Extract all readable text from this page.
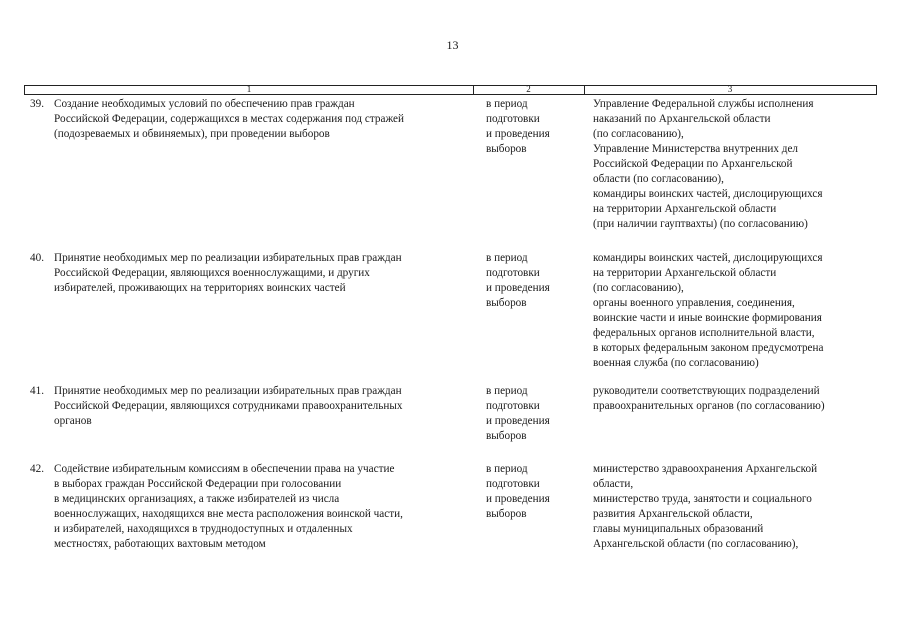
13
1	2	3
39. Создание необходимых условий по обеспечению прав граждан
Российской Федерации, содержащихся в местах содержания под стражей
(подозреваемых и обвиняемых), при проведении выборов
в период
подготовки
и проведения
выборов
Управление Федеральной службы исполнения
наказаний по Архангельской области
(по согласованию),
Управление Министерства внутренних дел
Российской Федерации по Архангельской
области (по согласованию),
командиры воинских частей, дислоцирующихся
на территории Архангельской области
(при наличии гауптвахты) (по согласованию)
40. Принятие необходимых мер по реализации избирательных прав граждан
Российской Федерации, являющихся военнослужащими, и других
избирателей, проживающих на территориях воинских частей
в период
подготовки
и проведения
выборов
командиры воинских частей, дислоцирующихся
на территории Архангельской области
(по согласованию),
органы военного управления, соединения,
воинские части и иные воинские формирования
федеральных органов исполнительной власти,
в которых федеральным законом предусмотрена
военная служба (по согласованию)
41. Принятие необходимых мер по реализации избирательных прав граждан
Российской Федерации, являющихся сотрудниками правоохранительных
органов
в период
подготовки
и проведения
выборов
руководители соответствующих подразделений
правоохранительных органов (по согласованию)
42. Содействие избирательным комиссиям в обеспечении права на участие
в выборах граждан Российской Федерации при голосовании
в медицинских организациях, а также избирателей из числа
военнослужащих, находящихся вне места расположения воинской части,
и избирателей, находящихся в труднодоступных и отдаленных
местностях, работающих вахтовым методом
в период
подготовки
и проведения
выборов
министерство здравоохранения Архангельской
области,
министерство труда, занятости и социального
развития Архангельской области,
главы муниципальных образований
Архангельской области (по согласованию),
